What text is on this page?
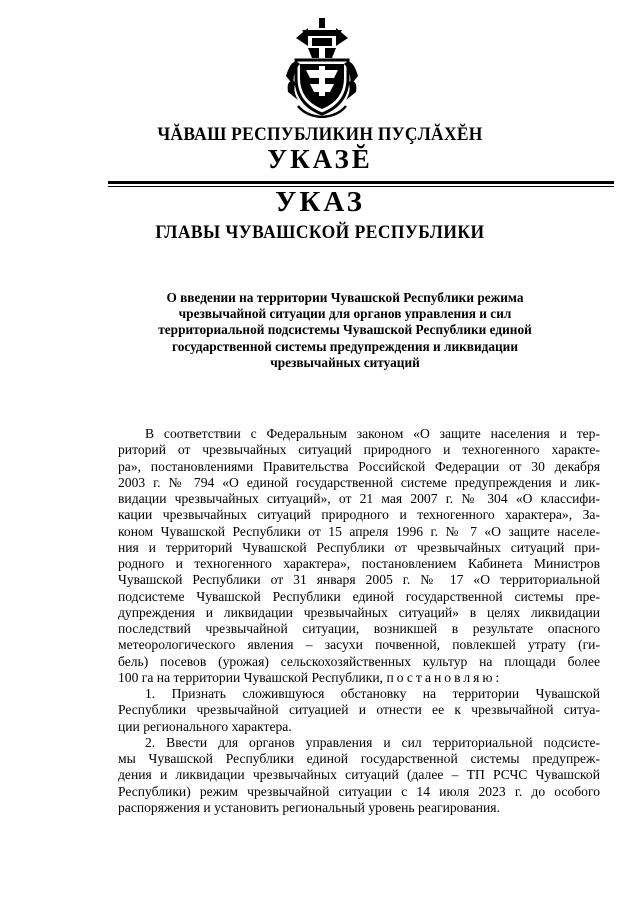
ЧĂВАШ РЕСПУБЛИКИН ПУÇЛĂХĔН
УКАЗĔ
УКАЗ
ГЛАВЫ ЧУВАШСКОЙ РЕСПУБЛИКИ
О введении на территории Чувашской Республики режима
чрезвычайной ситуации для органов управления и сил
территориальной подсистемы Чувашской Республики единой
государственной системы предупреждения и ликвидации
чрезвычайных ситуаций
В соответствии с Федеральным законом «О защите населения и тер-
риторий от чрезвычайных ситуаций природного и техногенного характе-
ра», постановлениями Правительства Российской Федерации от 30 декабря
2003 г. № 794 «О единой государственной системе предупреждения и лик-
видации чрезвычайных ситуаций», от 21 мая 2007 г. № 304 «О классифи-
кации чрезвычайных ситуаций природного и техногенного характера», За-
коном Чувашской Республики от 15 апреля 1996 г. № 7 «О защите населе-
ния и территорий Чувашской Республики от чрезвычайных ситуаций при-
родного и техногенного характера», постановлением Кабинета Министров
Чувашской Республики от 31 января 2005 г. № 17 «О территориальной
подсистеме Чувашской Республики единой государственной системы пре-
дупреждения и ликвидации чрезвычайных ситуаций» в целях ликвидации
последствий чрезвычайной ситуации, возникшей в результате опасного
метеорологического явления – засухи почвенной, повлекшей утрату (ги-
бель) посевов (урожая) сельскохозяйственных культур на площади более
100 га на территории Чувашской Республики, постановляю:
1. Признать сложившуюся обстановку на территории Чувашской
Республики чрезвычайной ситуацией и отнести ее к чрезвычайной ситуа-
ции регионального характера.
2. Ввести для органов управления и сил территориальной подсисте-
мы Чувашской Республики единой государственной системы предупреж-
дения и ликвидации чрезвычайных ситуаций (далее – ТП РСЧС Чувашской
Республики) режим чрезвычайной ситуации с 14 июля 2023 г. до особого
распоряжения и установить региональный уровень реагирования.
